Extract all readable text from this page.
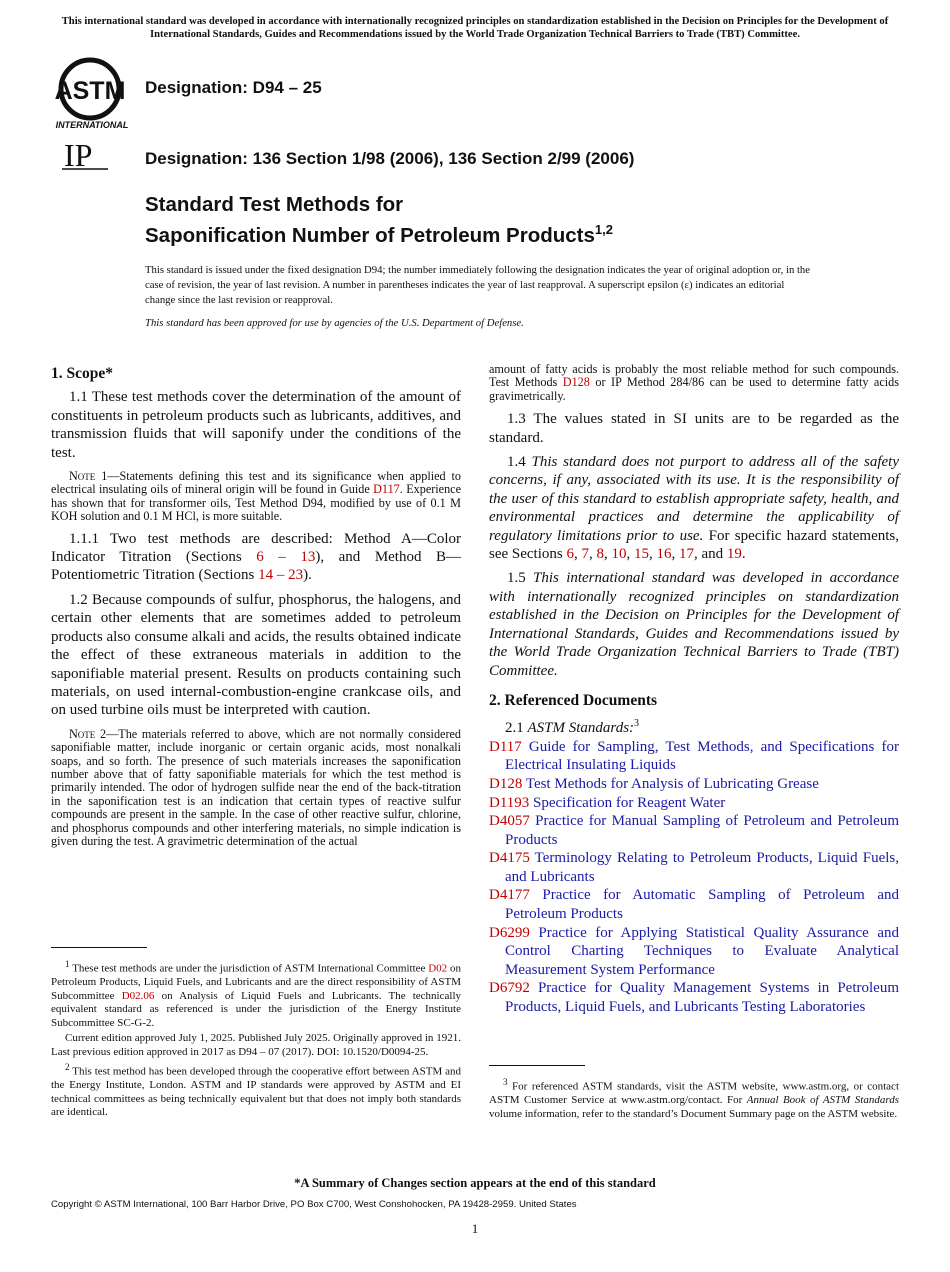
This international standard was developed in accordance with internationally recognized principles on standardization established in the Decision on Principles for the Development of International Standards, Guides and Recommendations issued by the World Trade Organization Technical Barriers to Trade (TBT) Committee.
ASTM
INTERNATIONAL
Designation: D94 – 25
IP	Designation: 136 Section 1/98 (2006), 136 Section 2/99 (2006)
Standard Test Methods for
Saponification Number of Petroleum Products$^{1,2}$
This standard is issued under the fixed designation D94; the number immediately following the designation indicates the year of original adoption or, in the case of revision, the year of last revision. A number in parentheses indicates the year of last reapproval. A superscript epsilon (ε) indicates an editorial change since the last revision or reapproval.
This standard has been approved for use by agencies of the U.S. Department of Defense.

1. Scope*

1.1 These test methods cover the determination of the amount of constituents in petroleum products such as lubricants, additives, and transmission fluids that will saponify under the conditions of the test.

Note 1—Statements defining this test and its significance when applied to electrical insulating oils of mineral origin will be found in Guide D117. Experience has shown that for transformer oils, Test Method D94, modified by use of 0.1 M KOH solution and 0.1 M HCl, is more suitable.

1.1.1 Two test methods are described: Method A—Color Indicator Titration (Sections 6 – 13), and Method B—Potentiometric Titration (Sections 14 – 23).

1.2 Because compounds of sulfur, phosphorus, the halogens, and certain other elements that are sometimes added to petroleum products also consume alkali and acids, the results obtained indicate the effect of these extraneous materials in addition to the saponifiable material present. Results on products containing such materials, on used internal-combustion-engine crankcase oils, and on used turbine oils must be interpreted with caution.

Note 2—The materials referred to above, which are not normally considered saponifiable matter, include inorganic or certain organic acids, most nonalkali soaps, and so forth. The presence of such materials increases the saponification number above that of fatty saponifiable materials for which the test method is primarily intended. The odor of hydrogen sulfide near the end of the back-titration in the saponification test is an indication that certain types of reactive sulfur compounds are present in the sample. In the case of other reactive sulfur, chlorine, and phosphorus compounds and other interfering materials, no simple indication is given during the test. A gravimetric determination of the actual

$^1$ These test methods are under the jurisdiction of ASTM International Committee D02 on Petroleum Products, Liquid Fuels, and Lubricants and are the direct responsibility of ASTM Subcommittee D02.06 on Analysis of Liquid Fuels and Lubricants. The technically equivalent standard as referenced is under the jurisdiction of the Energy Institute Subcommittee SC-G-2.

Current edition approved July 1, 2025. Published July 2025. Originally approved in 1921. Last previous edition approved in 2017 as D94 – 07 (2017). DOI: 10.1520/D0094-25.

$^2$ This test method has been developed through the cooperative effort between ASTM and the Energy Institute, London. ASTM and IP standards were approved by ASTM and EI technical committees as being technically equivalent but that does not imply both standards are identical.

amount of fatty acids is probably the most reliable method for such compounds. Test Methods D128 or IP Method 284/86 can be used to determine fatty acids gravimetrically.

1.3 The values stated in SI units are to be regarded as the standard.

1.4 This standard does not purport to address all of the safety concerns, if any, associated with its use. It is the responsibility of the user of this standard to establish appropriate safety, health, and environmental practices and determine the applicability of regulatory limitations prior to use. For specific hazard statements, see Sections 6, 7, 8, 10, 15, 16, 17, and 19.

1.5 This international standard was developed in accordance with internationally recognized principles on standardization established in the Decision on Principles for the Development of International Standards, Guides and Recommendations issued by the World Trade Organization Technical Barriers to Trade (TBT) Committee.

2. Referenced Documents

2.1 ASTM Standards:$^3$

D117 Guide for Sampling, Test Methods, and Specifications for Electrical Insulating Liquids

D128 Test Methods for Analysis of Lubricating Grease

D1193 Specification for Reagent Water

D4057 Practice for Manual Sampling of Petroleum and Petroleum Products

D4175 Terminology Relating to Petroleum Products, Liquid Fuels, and Lubricants

D4177 Practice for Automatic Sampling of Petroleum and Petroleum Products

D6299 Practice for Applying Statistical Quality Assurance and Control Charting Techniques to Evaluate Analytical Measurement System Performance

D6792 Practice for Quality Management Systems in Petroleum Products, Liquid Fuels, and Lubricants Testing Laboratories

$^3$ For referenced ASTM standards, visit the ASTM website, www.astm.org, or contact ASTM Customer Service at www.astm.org/contact. For Annual Book of ASTM Standards volume information, refer to the standard’s Document Summary page on the ASTM website.

*A Summary of Changes section appears at the end of this standard
Copyright © ASTM International, 100 Barr Harbor Drive, PO Box C700, West Conshohocken, PA 19428-2959. United States
1
